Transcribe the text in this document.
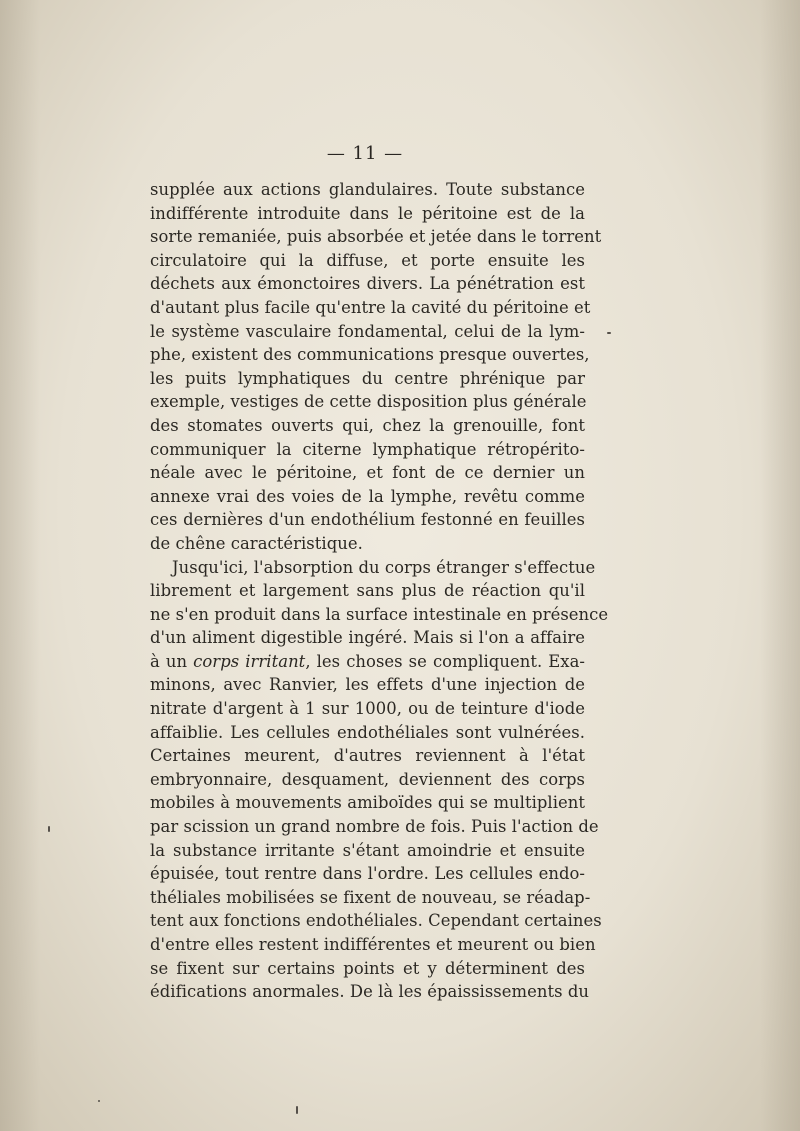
— 11 —
supplée aux actions glandulaires. Toute substance
indifférente introduite dans le péritoine est de la
sorte remaniée, puis absorbée et jetée dans le torrent
circulatoire qui la diffuse, et porte ensuite les
déchets aux émonctoires divers. La pénétration est
d'autant plus facile qu'entre la cavité du péritoine et
le système vasculaire fondamental, celui de la lym-
phe, existent des communications presque ouvertes,
les puits lymphatiques du centre phrénique par
exemple, vestiges de cette disposition plus générale
des stomates ouverts qui, chez la grenouille, font
communiquer la citerne lymphatique rétropérito-
néale avec le péritoine, et font de ce dernier un
annexe vrai des voies de la lymphe, revêtu comme
ces dernières d'un endothélium festonné en feuilles
de chêne caractéristique.
Jusqu'ici, l'absorption du corps étranger s'effectue
librement et largement sans plus de réaction qu'il
ne s'en produit dans la surface intestinale en présence
d'un aliment digestible ingéré. Mais si l'on a affaire
à un corps irritant, les choses se compliquent. Exa-
minons, avec Ranvier, les effets d'une injection de
nitrate d'argent à 1 sur 1000, ou de teinture d'iode
affaiblie. Les cellules endothéliales sont vulnérées.
Certaines meurent, d'autres reviennent à l'état
embryonnaire, desquament, deviennent des corps
mobiles à mouvements amiboïdes qui se multiplient
par scission un grand nombre de fois. Puis l'action de
la substance irritante s'étant amoindrie et ensuite
épuisée, tout rentre dans l'ordre. Les cellules endo-
théliales mobilisées se fixent de nouveau, se réadap-
tent aux fonctions endothéliales. Cependant certaines
d'entre elles restent indifférentes et meurent ou bien
se fixent sur certains points et y déterminent des
édifications anormales. De là les épaississements du
